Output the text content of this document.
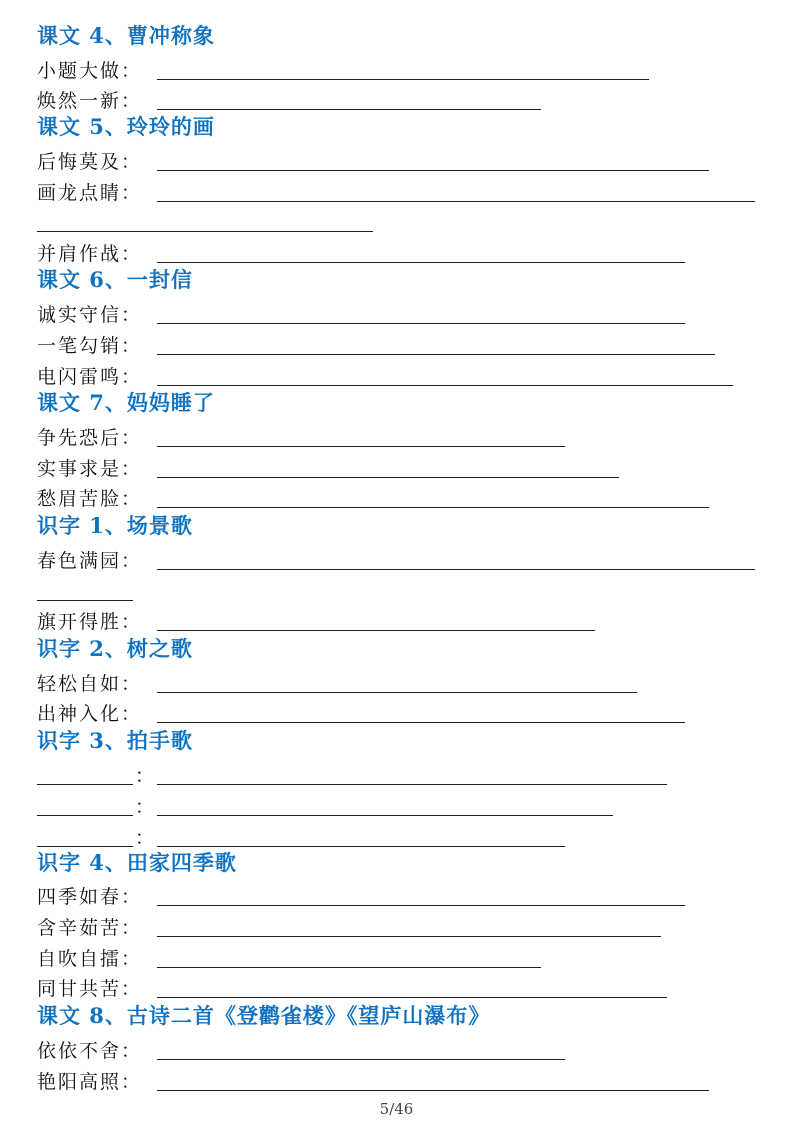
课文 4、曹冲称象
小题大做：
焕然一新：
课文 5、玲玲的画
后悔莫及：
画龙点睛：
并肩作战：
课文 6、一封信
诚实守信：
一笔勾销：
电闪雷鸣：
课文 7、妈妈睡了
争先恐后：
实事求是：
愁眉苦脸：
识字 1、场景歌
春色满园：
旗开得胜：
识字 2、树之歌
轻松自如：
出神入化：
识字 3、拍手歌
：
：
：
识字 4、田家四季歌
四季如春：
含辛茹苦：
自吹自擂：
同甘共苦：
课文 8、古诗二首《登鹳雀楼》《望庐山瀑布》
依依不舍：
艳阳高照：
5/46
